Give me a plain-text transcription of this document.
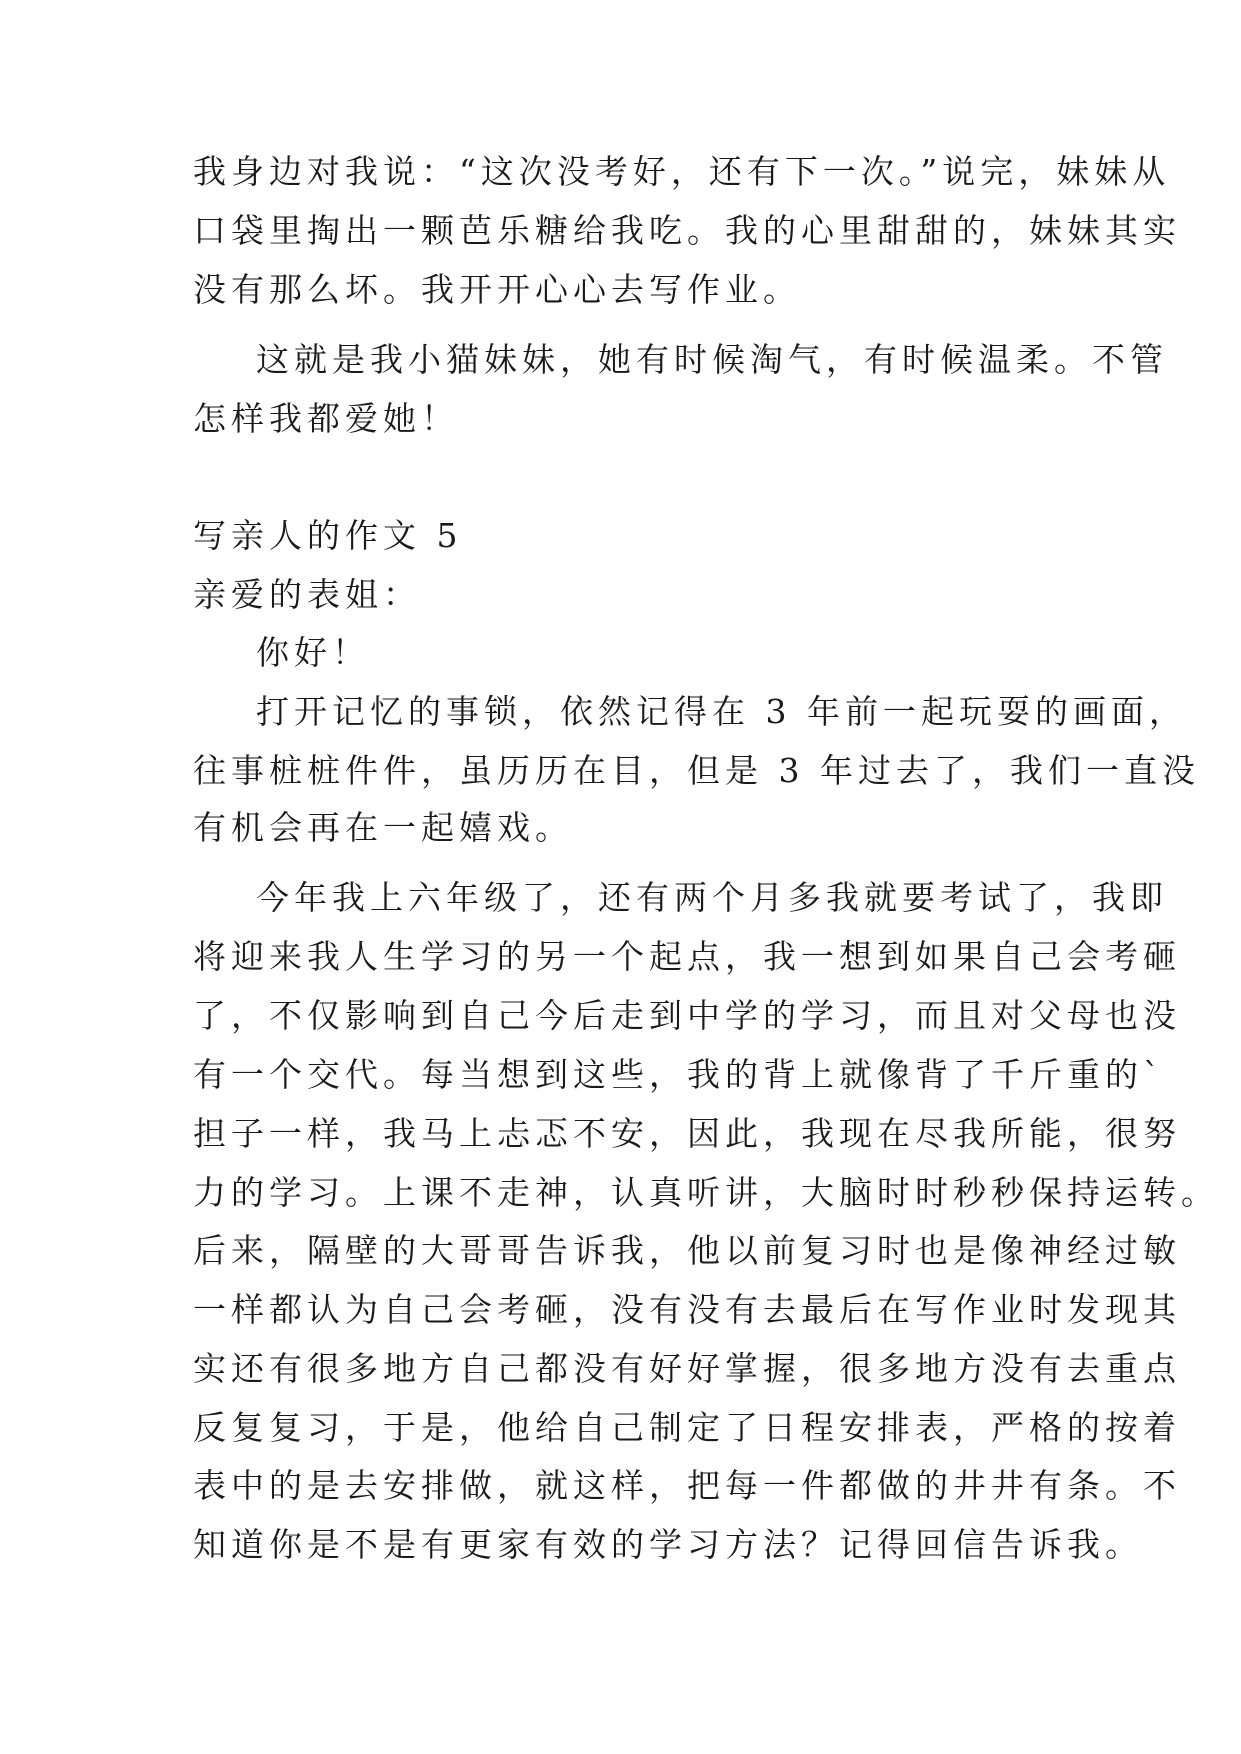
我身边对我说：“这次没考好，还有下一次。”说完，妹妹从
口袋里掏出一颗芭乐糖给我吃。我的心里甜甜的，妹妹其实
没有那么坏。我开开心心去写作业。
这就是我小猫妹妹，她有时候淘气，有时候温柔。不管
怎样我都爱她！
写亲人的作文 5
亲爱的表姐：
你好！
打开记忆的事锁，依然记得在 3 年前一起玩耍的画面，
往事桩桩件件，虽历历在目，但是 3 年过去了，我们一直没
有机会再在一起嬉戏。
今年我上六年级了，还有两个月多我就要考试了，我即
将迎来我人生学习的另一个起点，我一想到如果自己会考砸
了，不仅影响到自己今后走到中学的学习，而且对父母也没
有一个交代。每当想到这些，我的背上就像背了千斤重的`
担子一样，我马上忐忑不安，因此，我现在尽我所能，很努
力的学习。上课不走神，认真听讲，大脑时时秒秒保持运转。
后来，隔壁的大哥哥告诉我，他以前复习时也是像神经过敏
一样都认为自己会考砸，没有没有去最后在写作业时发现其
实还有很多地方自己都没有好好掌握，很多地方没有去重点
反复复习，于是，他给自己制定了日程安排表，严格的按着
表中的是去安排做，就这样，把每一件都做的井井有条。不
知道你是不是有更家有效的学习方法？记得回信告诉我。
